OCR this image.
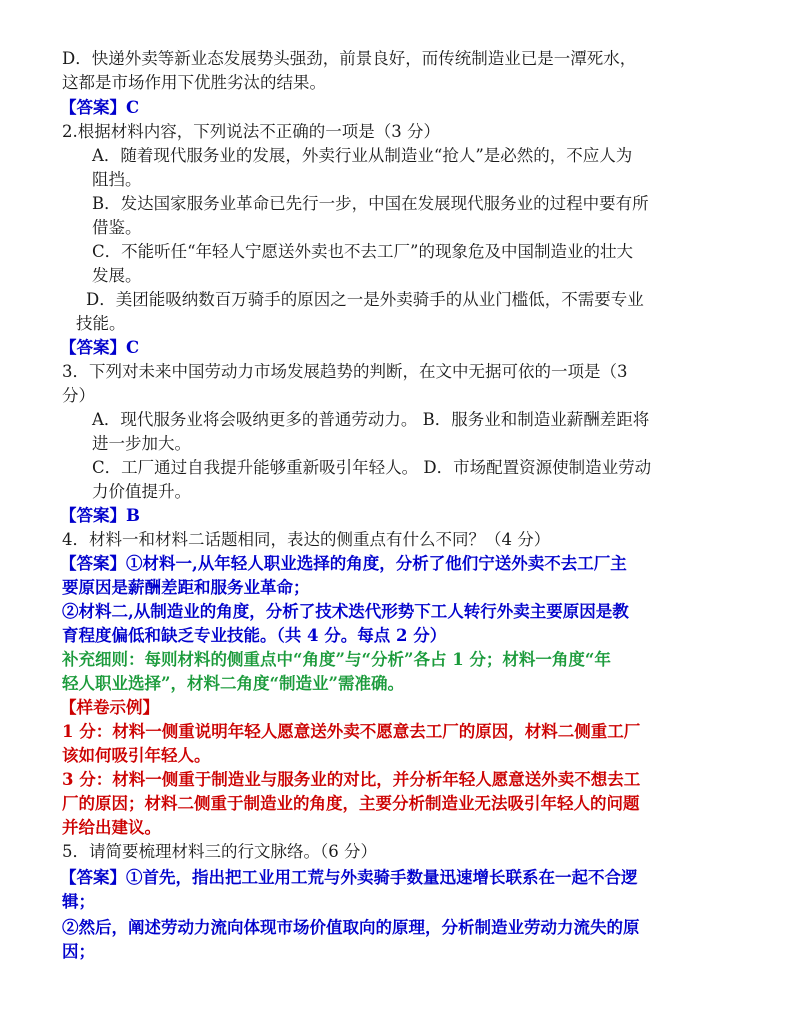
D．快递外卖等新业态发展势头强劲，前景良好，而传统制造业已是一潭死水，
这都是市场作用下优胜劣汰的结果。
【答案】C
2.根据材料内容，下列说法不正确的一项是（3 分）
A．随着现代服务业的发展，外卖行业从制造业“抢人”是必然的，不应人为
阻挡。
B．发达国家服务业革命已先行一步，中国在发展现代服务业的过程中要有所
借鉴。
C．不能听任“年轻人宁愿送外卖也不去工厂”的现象危及中国制造业的壮大
发展。
D．美团能吸纳数百万骑手的原因之一是外卖骑手的从业门槛低，不需要专业
技能。
【答案】C
3．下列对未来中国劳动力市场发展趋势的判断，在文中无据可依的一项是（3
分）
A．现代服务业将会吸纳更多的普通劳动力。 B．服务业和制造业薪酬差距将
进一步加大。
C．工厂通过自我提升能够重新吸引年轻人。 D．市场配置资源使制造业劳动
力价值提升。
【答案】B
4．材料一和材料二话题相同，表达的侧重点有什么不同？（4 分）
【答案】①材料一,从年轻人职业选择的角度，分析了他们宁送外卖不去工厂主
要原因是薪酬差距和服务业革命；
②材料二,从制造业的角度，分析了技术迭代形势下工人转行外卖主要原因是教
育程度偏低和缺乏专业技能。（共 4 分。每点 2 分）
补充细则：每则材料的侧重点中“角度”与“分析”各占 1 分；材料一角度“年
轻人职业选择”，材料二角度“制造业”需准确。
【样卷示例】
1 分：材料一侧重说明年轻人愿意送外卖不愿意去工厂的原因，材料二侧重工厂
该如何吸引年轻人。
3 分：材料一侧重于制造业与服务业的对比，并分析年轻人愿意送外卖不想去工
厂的原因；材料二侧重于制造业的角度，主要分析制造业无法吸引年轻人的问题
并给出建议。
5．请简要梳理材料三的行文脉络。（6 分）
【答案】①首先，指出把工业用工荒与外卖骑手数量迅速增长联系在一起不合逻
辑；
②然后，阐述劳动力流向体现市场价值取向的原理，分析制造业劳动力流失的原
因；
